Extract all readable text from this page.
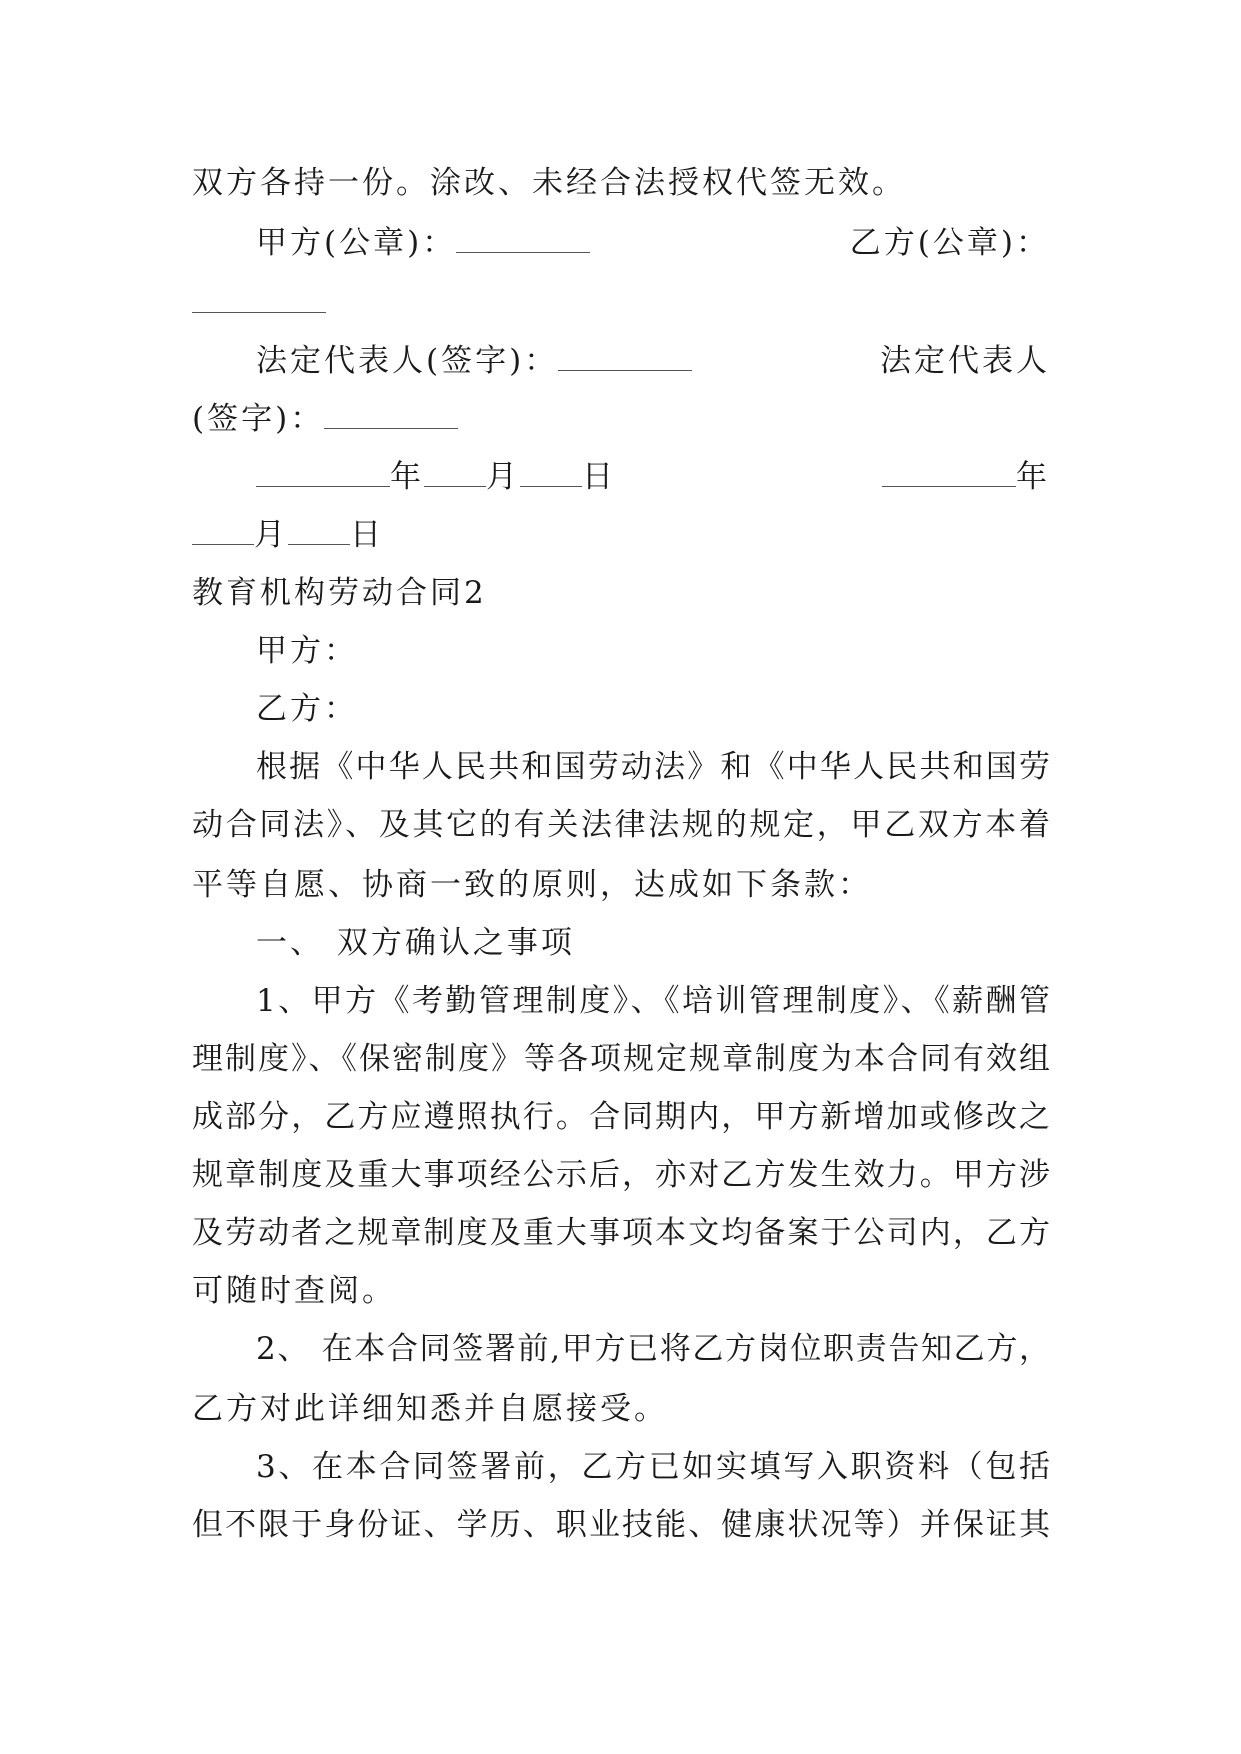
双方各持一份。涂改、未经合法授权代签无效。
甲方(公章)：	乙方(公章)：
法定代表人(签字)：	法定代表人
(签字)：
年 月 日	年
月 日
教育机构劳动合同2
甲方：
乙方：
根据《中华人民共和国劳动法》和《中华人民共和国劳
动合同法》、及其它的有关法律法规的规定，甲乙双方本着
平等自愿、协商一致的原则，达成如下条款：
一、 双方确认之事项
1、甲方《考勤管理制度》、《培训管理制度》、《薪酬管
理制度》、《保密制度》等各项规定规章制度为本合同有效组
成部分，乙方应遵照执行。合同期内，甲方新增加或修改之
规章制度及重大事项经公示后，亦对乙方发生效力。甲方涉
及劳动者之规章制度及重大事项本文均备案于公司内，乙方
可随时查阅。
2、 在本合同签署前,甲方已将乙方岗位职责告知乙方，
乙方对此详细知悉并自愿接受。
3、在本合同签署前，乙方已如实填写入职资料（包括
但不限于身份证、学历、职业技能、健康状况等）并保证其
